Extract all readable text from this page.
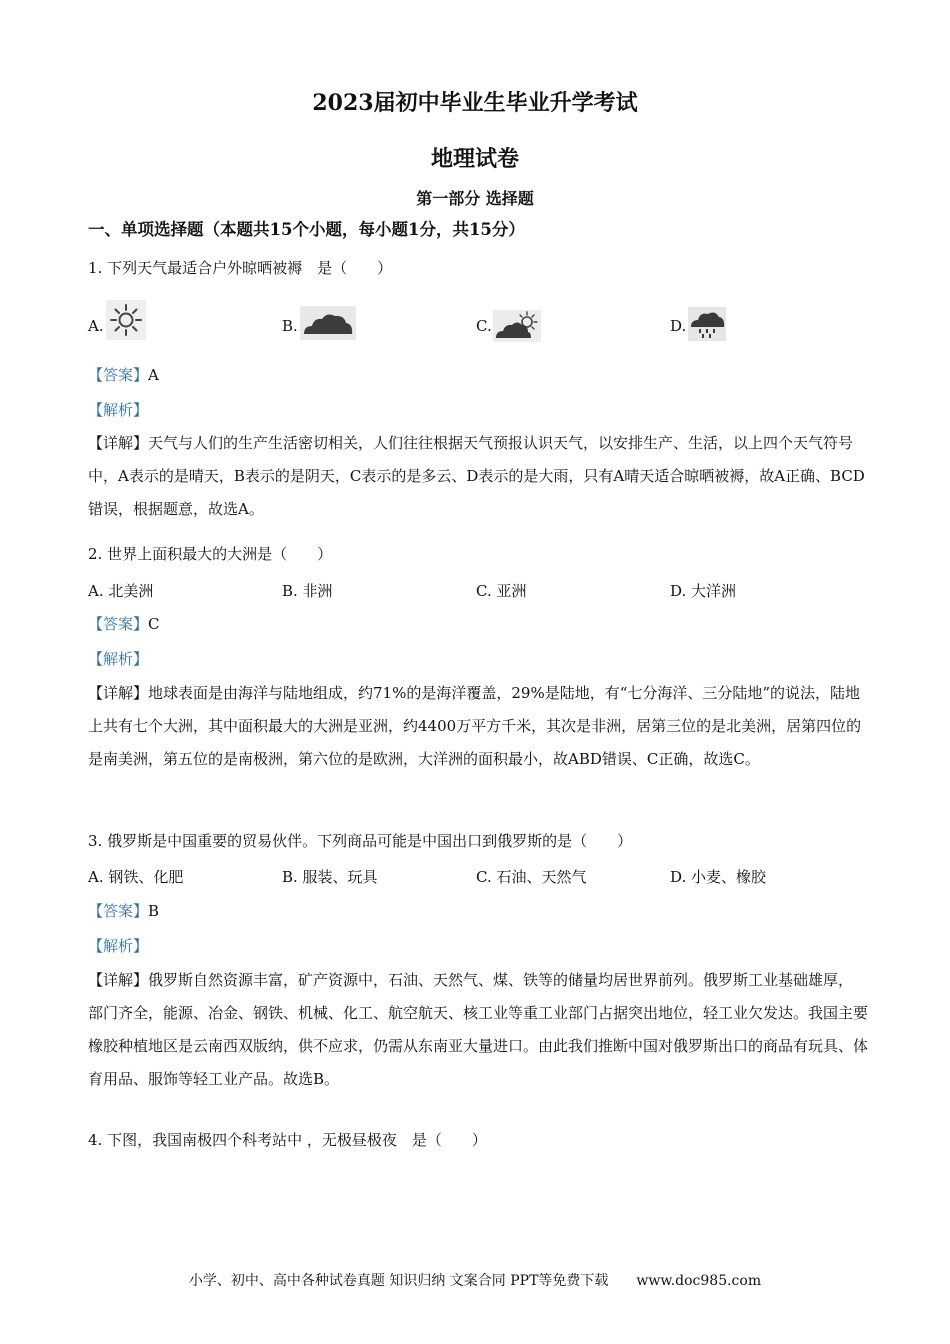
2023届初中毕业生毕业升学考试
地理试卷
第一部分 选择题
一、单项选择题（本题共15个小题，每小题1分，共15分）
1. 下列天气最适合户外晾晒被褥　是（　　）
A.	B.	C.	D.
【答案】A
【解析】
【详解】天气与人们的生产生活密切相关，人们往往根据天气预报认识天气，以安排生产、生活，以上四个天气符号中，A表示的是晴天，B表示的是阴天，C表示的是多云、D表示的是大雨，只有A晴天适合晾晒被褥，故A正确、BCD错误，根据题意，故选A。
2. 世界上面积最大的大洲是（　　）
A. 北美洲	B. 非洲	C. 亚洲	D. 大洋洲
【答案】C
【解析】
【详解】地球表面是由海洋与陆地组成，约71%的是海洋覆盖，29%是陆地，有“七分海洋、三分陆地”的说法，陆地上共有七个大洲，其中面积最大的大洲是亚洲，约4400万平方千米，其次是非洲，居第三位的是北美洲，居第四位的是南美洲，第五位的是南极洲，第六位的是欧洲，大洋洲的面积最小，故ABD错误、C正确，故选C。
3. 俄罗斯是中国重要的贸易伙伴。下列商品可能是中国出口到俄罗斯的是（　　）
A. 钢铁、化肥	B. 服装、玩具	C. 石油、天然气	D. 小麦、橡胶
【答案】B
【解析】
【详解】俄罗斯自然资源丰富，矿产资源中，石油、天然气、煤、铁等的储量均居世界前列。俄罗斯工业基础雄厚，部门齐全，能源、冶金、钢铁、机械、化工、航空航天、核工业等重工业部门占据突出地位，轻工业欠发达。我国主要橡胶种植地区是云南西双版纳，供不应求，仍需从东南亚大量进口。由此我们推断中国对俄罗斯出口的商品有玩具、体育用品、服饰等轻工业产品。故选B。
4. 下图，我国南极四个科考站中 ，无极昼极夜　是（　　）
小学、初中、高中各种试卷真题 知识归纳 文案合同 PPT等免费下载　　www.doc985.com
